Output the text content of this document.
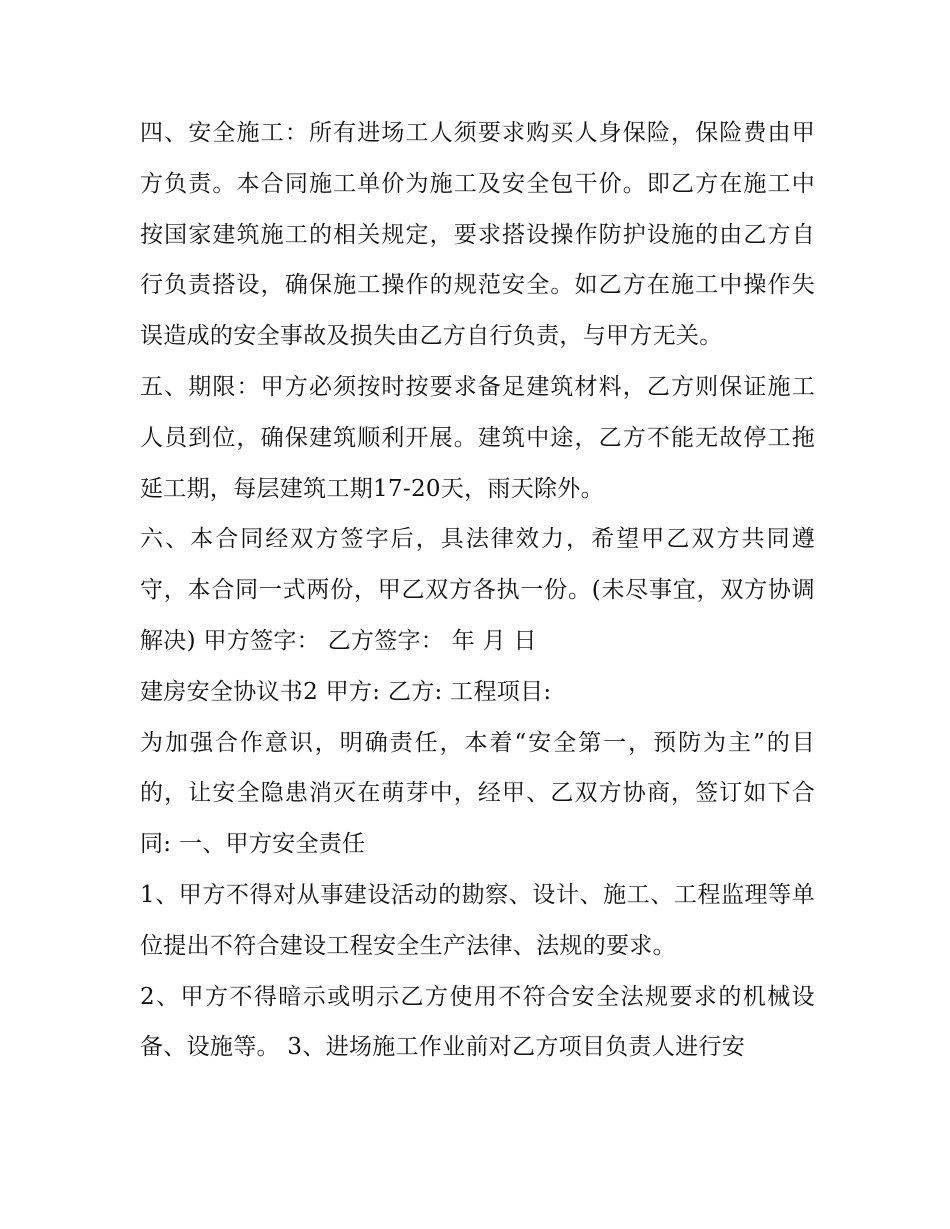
四、安全施工：所有进场工人须要求购买人身保险，保险费由甲方负责。本合同施工单价为施工及安全包干价。即乙方在施工中按国家建筑施工的相关规定，要求搭设操作防护设施的由乙方自行负责搭设，确保施工操作的规范安全。如乙方在施工中操作失误造成的安全事故及损失由乙方自行负责，与甲方无关。

五、期限：甲方必须按时按要求备足建筑材料，乙方则保证施工人员到位，确保建筑顺利开展。建筑中途，乙方不能无故停工拖延工期，每层建筑工期17-20天，雨天除外。

六、本合同经双方签字后，具法律效力，希望甲乙双方共同遵守，本合同一式两份，甲乙双方各执一份。(未尽事宜，双方协调解决) 甲方签字： 乙方签字： 年 月 日

建房安全协议书2 甲方: 乙方: 工程项目:

为加强合作意识，明确责任，本着“安全第一，预防为主”的目的，让安全隐患消灭在萌芽中，经甲、乙双方协商，签订如下合同: 一、甲方安全责任

1、甲方不得对从事建设活动的勘察、设计、施工、工程监理等单位提出不符合建设工程安全生产法律、法规的要求。

2、甲方不得暗示或明示乙方使用不符合安全法规要求的机械设备、设施等。 3、进场施工作业前对乙方项目负责人进行安
